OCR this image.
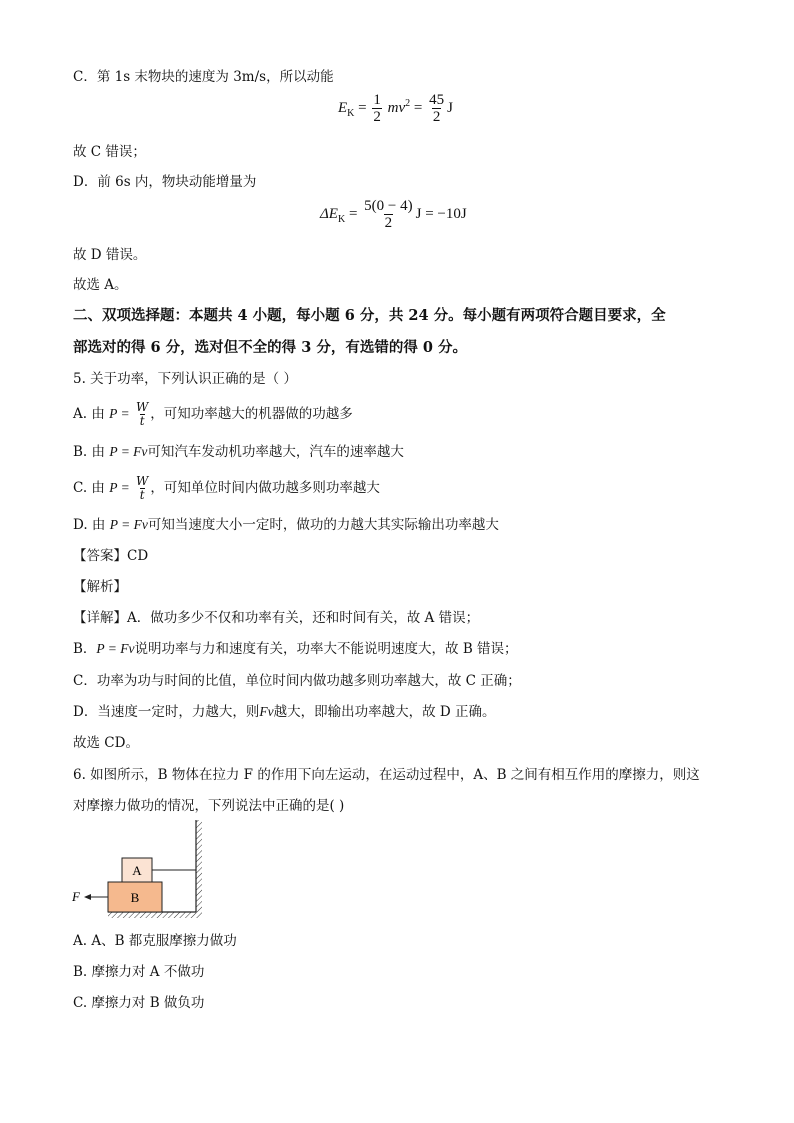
C．第 1s 末物块的速度为 3m/s，所以动能
$E_K = \frac{1}{2} mv^2 = \frac{45}{2}$ J
故 C 错误；
D．前 6s 内，物块动能增量为
$\Delta E_K = \frac{5(0 - 4)}{2}$ J = −10J
故 D 错误。
故选 A。
二、双项选择题：本题共 4 小题，每小题 6 分，共 24 分。每小题有两项符合题目要求，全
部选对的得 6 分，选对但不全的得 3 分，有选错的得 0 分。
5. 关于功率，下列认识正确的是（ ）
A. 由 $P = \frac{W}{t}$ ，可知功率越大的机器做的功越多
B. 由 P = Fv可知汽车发动机功率越大，汽车的速率越大
C. 由 $P = \frac{W}{t}$ ，可知单位时间内做功越多则功率越大
D. 由 P = Fv可知当速度大小一定时，做功的力越大其实际输出功率越大
【答案】CD
【解析】
【详解】A．做功多少不仅和功率有关，还和时间有关，故 A 错误；
B．P = Fv说明功率与力和速度有关，功率大不能说明速度大，故 B 错误；
C．功率为功与时间的比值，单位时间内做功越多则功率越大，故 C 正确；
D．当速度一定时，力越大，则Fv越大，即输出功率越大，故 D 正确。
故选 CD。
6. 如图所示，B 物体在拉力 F 的作用下向左运动，在运动过程中，A、B 之间有相互作用的摩擦力，则这
对摩擦力做功的情况，下列说法中正确的是( )
A
B
F
A. A、B 都克服摩擦力做功
B. 摩擦力对 A 不做功
C. 摩擦力对 B 做负功
